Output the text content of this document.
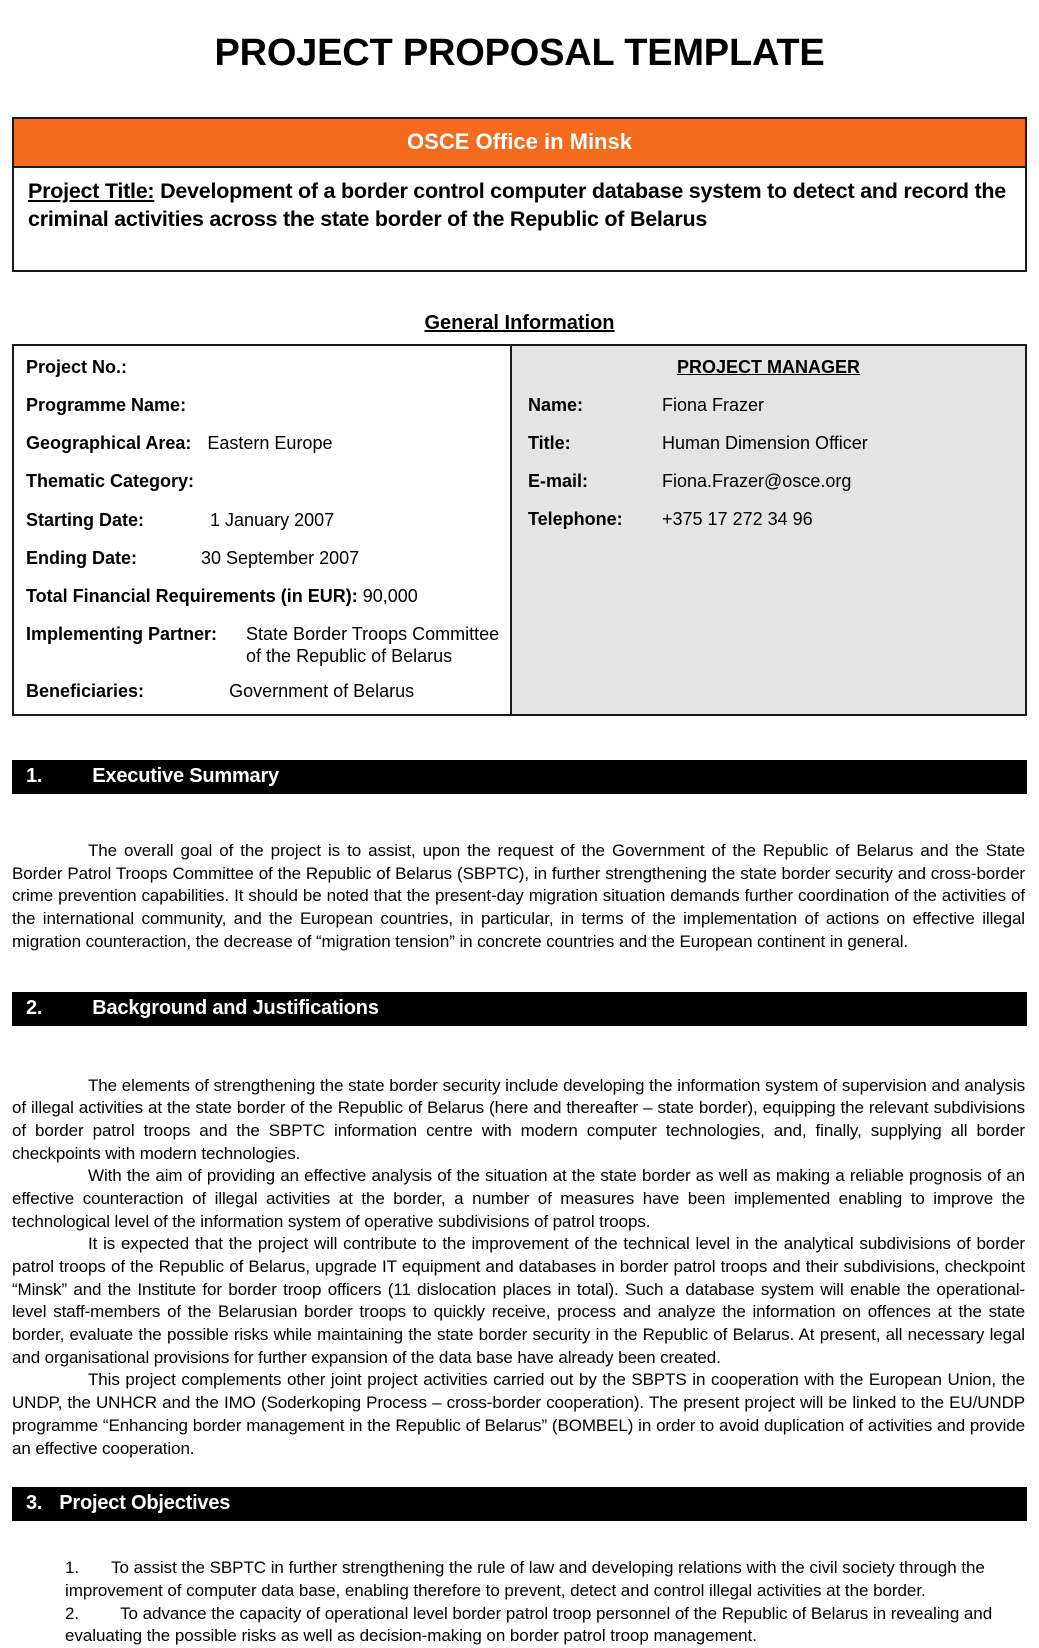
PROJECT PROPOSAL TEMPLATE
OSCE Office in Minsk
Project Title: Development of a border control computer database system to detect and record the criminal activities across the state border of the Republic of Belarus
General Information
Project No.:
Programme Name:
Geographical Area: Eastern Europe
Thematic Category:
Starting Date:	1 January 2007
Ending Date:	30 September 2007
Total Financial Requirements (in EUR): 90,000
Implementing Partner: State Border Troops Committee of the Republic of Belarus
Beneficiaries:	Government of Belarus
PROJECT MANAGER
Name:	Fiona Frazer
Title:	Human Dimension Officer
E-mail:	Fiona.Frazer@osce.org
Telephone:	+375 17 272 34 96
1.	Executive Summary

The overall goal of the project is to assist, upon the request of the Government of the Republic of Belarus and the State Border Patrol Troops Committee of the Republic of Belarus (SBPTC), in further strengthening the state border security and cross-border crime prevention capabilities. It should be noted that the present-day migration situation demands further coordination of the activities of the international community, and the European countries, in particular, in terms of the implementation of actions on effective illegal migration counteraction, the decrease of “migration tension” in concrete countries and the European continent in general.

2.	Background and Justifications

The elements of strengthening the state border security include developing the information system of supervision and analysis of illegal activities at the state border of the Republic of Belarus (here and thereafter – state border), equipping the relevant subdivisions of border patrol troops and the SBPTC information centre with modern computer technologies, and, finally, supplying all border checkpoints with modern technologies.

With the aim of providing an effective analysis of the situation at the state border as well as making a reliable prognosis of an effective counteraction of illegal activities at the border, a number of measures have been implemented enabling to improve the technological level of the information system of operative subdivisions of patrol troops.

It is expected that the project will contribute to the improvement of the technical level in the analytical subdivisions of border patrol troops of the Republic of Belarus, upgrade IT equipment and databases in border patrol troops and their subdivisions, checkpoint “Minsk” and the Institute for border troop officers (11 dislocation places in total). Such a database system will enable the operational-level staff-members of the Belarusian border troops to quickly receive, process and analyze the information on offences at the state border, evaluate the possible risks while maintaining the state border security in the Republic of Belarus. At present, all necessary legal and organisational provisions for further expansion of the data base have already been created.

This project complements other joint project activities carried out by the SBPTS in cooperation with the European Union, the UNDP, the UNHCR and the IMO (Soderkoping Process – cross-border cooperation). The present project will be linked to the EU/UNDP programme “Enhancing border management in the Republic of Belarus” (BOMBEL) in order to avoid duplication of activities and provide an effective cooperation.

3. Project Objectives

1. To assist the SBPTC in further strengthening the rule of law and developing relations with the civil society through the improvement of computer data base, enabling therefore to prevent, detect and control illegal activities at the border.

2. To advance the capacity of operational level border patrol troop personnel of the Republic of Belarus in revealing and evaluating the possible risks as well as decision-making on border patrol troop management.
